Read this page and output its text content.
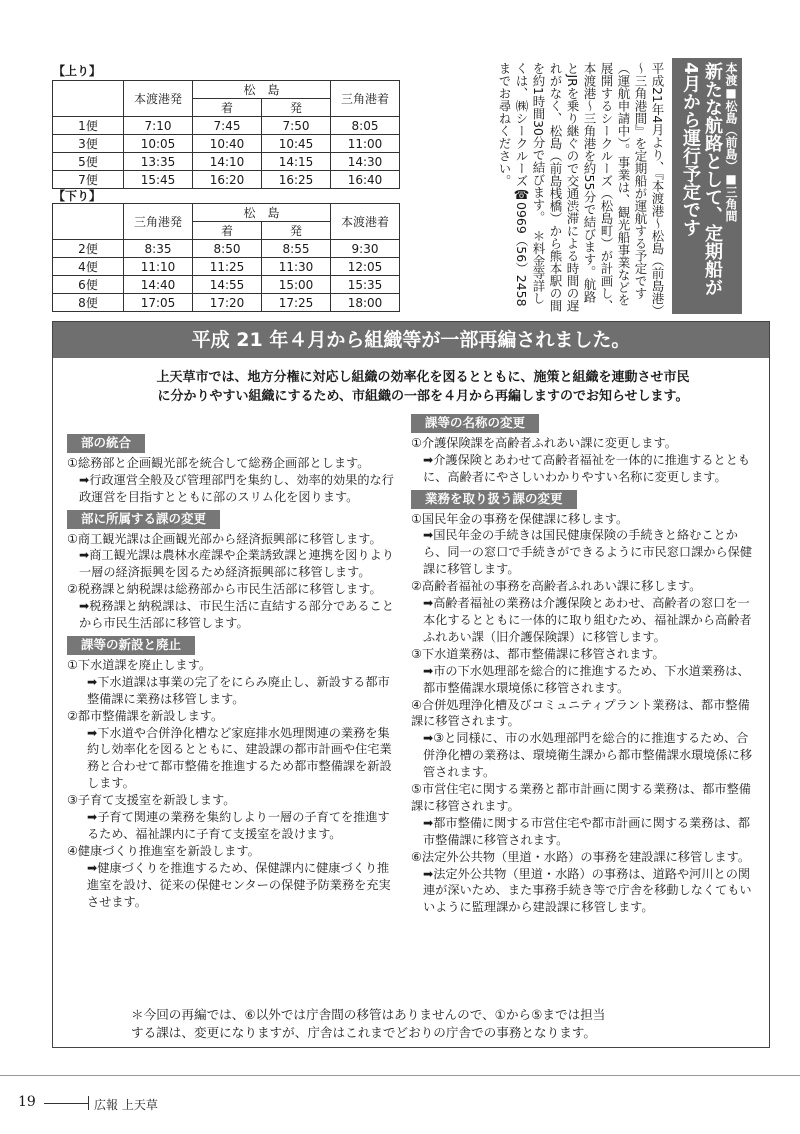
【上り】
	本渡港発	松　島		三角港着
		着	発	
1便	7:10	7:45	7:50	8:05
3便	10:05	10:40	10:45	11:00
5便	13:35	14:10	14:15	14:30
7便	15:45	16:20	16:25	16:40
【下り】
	三角港発	松　島		本渡港着
		着	発	
2便	8:35	8:50	8:55	9:30
4便	11:10	11:25	11:30	12:05
6便	14:40	14:55	15:00	15:35
8便	17:05	17:20	17:25	18:00
本渡■松島（前島）■三角間
新たな航路として、定期船が
4月から運行予定です
平成21年4月より、『本渡港～松島（前島港）～三角港間』を定期船が運航する予定です（運航申請中）。事業は、観光船事業などを展開するシークルーズ（松島町）が計画し、本渡港～三角港を約55分で結びます。航路とJRを乗り継ぐので交通渋滞による時間の遅れがなく、松島（前島桟橋）から熊本駅の間を約1時間30分で結びます。　＊料金等詳しくは、㈱シークルーズ☎0969（56）2458までお尋ねください。
平成 21 年４月から組織等が一部再編されました。
上天草市では、地方分権に対応し組織の効率化を図るとともに、施策と組織を連動させ市民
に分かりやすい組織にするため、市組織の一部を４月から再編しますのでお知らせします。
部の統合

①総務部と企画観光部を統合して総務企画部とします。

➡行政運営全般及び管理部門を集約し、効率的効果的な行政運営を目指すとともに部のスリム化を図ります。

部に所属する課の変更

①商工観光課は企画観光部から経済振興部に移管します。

➡商工観光課は農林水産課や企業誘致課と連携を図りより一層の経済振興を図るため経済振興部に移管します。

②税務課と納税課は総務部から市民生活部に移管します。

➡税務課と納税課は、市民生活に直結する部分であることから市民生活部に移管します。

課等の新設と廃止

①下水道課を廃止します。

➡下水道課は事業の完了をにらみ廃止し、新設する都市整備課に業務は移管します。

②都市整備課を新設します。

➡下水道や合併浄化槽など家庭排水処理関連の業務を集約し効率化を図るとともに、建設課の都市計画や住宅業務と合わせて都市整備を推進するため都市整備課を新設します。

③子育て支援室を新設します。

➡子育て関連の業務を集約しより一層の子育てを推進するため、福祉課内に子育て支援室を設けます。

④健康づくり推進室を新設します。

➡健康づくりを推進するため、保健課内に健康づくり推進室を設け、従来の保健センターの保健予防業務を充実させます。

課等の名称の変更

①介護保険課を高齢者ふれあい課に変更します。

➡介護保険とあわせて高齢者福祉を一体的に推進するとともに、高齢者にやさしいわかりやすい名称に変更します。

業務を取り扱う課の変更

①国民年金の事務を保健課に移します。

➡国民年金の手続きは国民健康保険の手続きと絡むことから、同一の窓口で手続きができるように市民窓口課から保健課に移管します。

②高齢者福祉の事務を高齢者ふれあい課に移します。

➡高齢者福祉の業務は介護保険とあわせ、高齢者の窓口を一本化するとともに一体的に取り組むため、福祉課から高齢者ふれあい課（旧介護保険課）に移管します。

③下水道業務は、都市整備課に移管されます。

➡市の下水処理部を総合的に推進するため、下水道業務は、都市整備課水環境係に移管されます。

④合併処理浄化槽及びコミュニティプラント業務は、都市整備課に移管されます。

➡③と同様に、市の水処理部門を総合的に推進するため、合併浄化槽の業務は、環境衛生課から都市整備課水環境係に移管されます。

⑤市営住宅に関する業務と都市計画に関する業務は、都市整備課に移管されます。

➡都市整備に関する市営住宅や都市計画に関する業務は、都市整備課に移管されます。

⑥法定外公共物（里道・水路）の事務を建設課に移管します。

➡法定外公共物（里道・水路）の事務は、道路や河川との関連が深いため、また事務手続き等で庁舎を移動しなくてもいいように監理課から建設課に移管します。

＊今回の再編では、⑥以外では庁舎間の移管はありませんので、①から⑤までは担当
する課は、変更になりますが、庁舎はこれまでどおりの庁舎での事務となります。
19	広報 上天草
